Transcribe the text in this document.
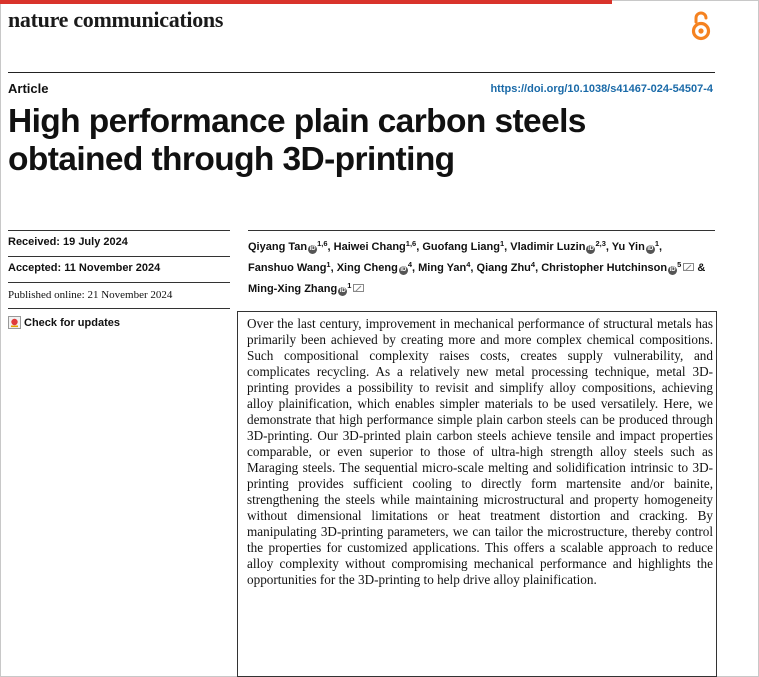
nature communications
Article	https://doi.org/10.1038/s41467-024-54507-4
High performance plain carbon steels
obtained through 3D-printing
Received: 19 July 2024
Accepted: 11 November 2024
Published online: 21 November 2024
Check for updates
Qiyang Tan iD$^{1,6}$, Haiwei Chang$^{1,6}$, Guofang Liang$^1$, Vladimir Luzin iD$^{2,3}$, Yu Yin $iD^1$, Fanshuo Wang$^1$, Xing Cheng $iD^4$, Ming Yan$^4$, Qiang Zhu$^4$, Christopher Hutchinson $iD^5$ & Ming-Xing Zhang $iD^1$

Over the last century, improvement in mechanical performance of structural metals has primarily been achieved by creating more and more complex chemical compositions. Such compositional complexity raises costs, creates supply vulnerability, and complicates recycling. As a relatively new metal processing technique, metal 3D-printing provides a possibility to revisit and simplify alloy compositions, achieving alloy plainification, which enables simpler materials to be used versatilely. Here, we demonstrate that high performance simple plain carbon steels can be produced through 3D-printing. Our 3D-printed plain carbon steels achieve tensile and impact properties comparable, or even superior to those of ultra-high strength alloy steels such as Maraging steels. The sequential micro-scale melting and solidification intrinsic to 3D-printing provides sufficient cooling to directly form martensite and/or bainite, strengthening the steels while maintaining microstructural and property homogeneity without dimensional limitations or heat treatment distortion and cracking. By manipulating 3D-printing parameters, we can tailor the microstructure, thereby control the properties for customized applications. This offers a scalable approach to reduce alloy complexity without compromising mechanical performance and highlights the opportunities for the 3D-printing to help drive alloy plainification.
